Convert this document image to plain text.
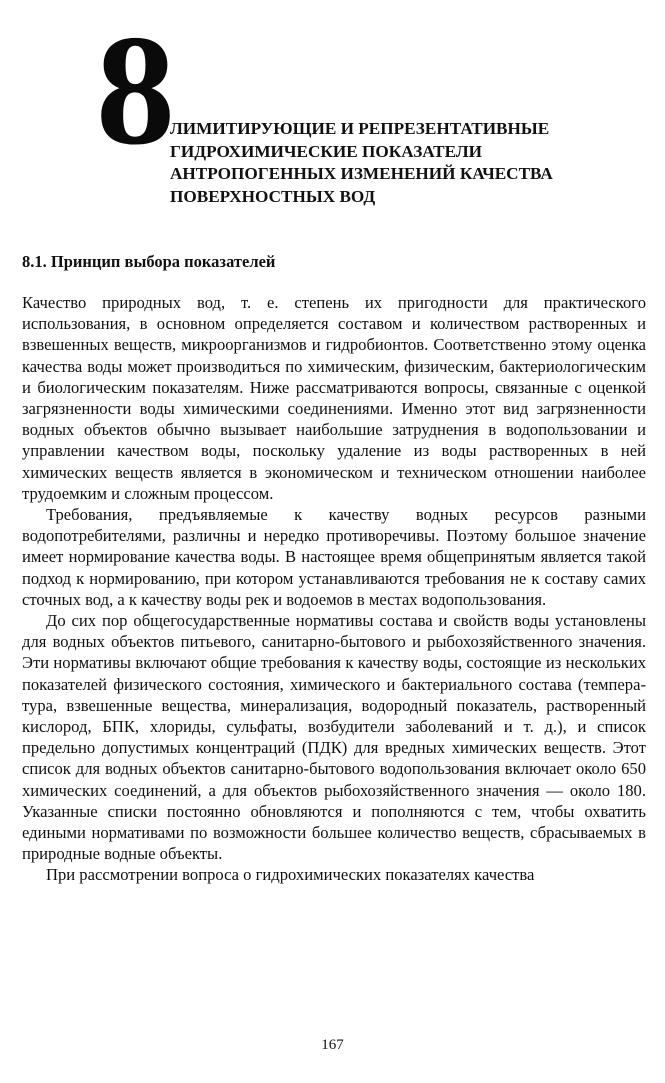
8
ЛИМИТИРУЮЩИЕ И РЕПРЕЗЕНТАТИВНЫЕ
ГИДРОХИМИЧЕСКИЕ ПОКАЗАТЕЛИ
АНТРОПОГЕННЫХ ИЗМЕНЕНИЙ КАЧЕСТВА
ПОВЕРХНОСТНЫХ ВОД
8.1. Принцип выбора показателей

Качество природных вод, т. е. степень их пригодности для практического использования, в основном определяется составом и количеством растворенных и взвешенных веществ, микроорганизмов и гидробионтов. Соответственно этому оценка качества воды может производиться по химическим, физическим, бактериологическим и биологическим показателям. Ниже рассматриваются вопросы, связанные с оценкой загрязненности воды химическими соединениями. Именно этот вид загрязненности водных объектов обычно вызывает наибольшие затруднения в водопользовании и управлении качеством воды, поскольку удаление из воды растворенных в ней химических веществ является в экономическом и техническом отношении наиболее трудоемким и сложным процессом.

Требования, предъявляемые к качеству водных ресурсов разными водопотребителями, различны и нередко противоречивы. Поэтому большое значение имеет нормирование качества воды. В настоящее время общепринятым является такой подход к нормированию, при котором устанавливаются требования не к составу самих сточных вод, а к качеству воды рек и водоемов в местах водопользования.

До сих пор общегосударственные нормативы состава и свойств воды установлены для водных объектов питьевого, санитарно-бытового и рыбохозяйственного значения. Эти нормативы включают общие требования к качеству воды, состоящие из нескольких показателей физического состояния, химического и бактериального состава (температура, взвешенные вещества, минерализация, водородный показатель, растворенный кислород, БПК, хлориды, сульфаты, возбудители заболеваний и т. д.), и список предельно допустимых концентраций (ПДК) для вредных химических веществ. Этот список для водных объектов санитарно-бытового водопользования включает около 650 химических соединений, а для объектов рыбохозяйственного значения — около 180. Указанные списки постоянно обновляются и пополняются с тем, чтобы охватить едиными нормативами по возможности большее количество веществ, сбрасываемых в природные водные объекты.

При рассмотрении вопроса о гидрохимических показателях качества

167
